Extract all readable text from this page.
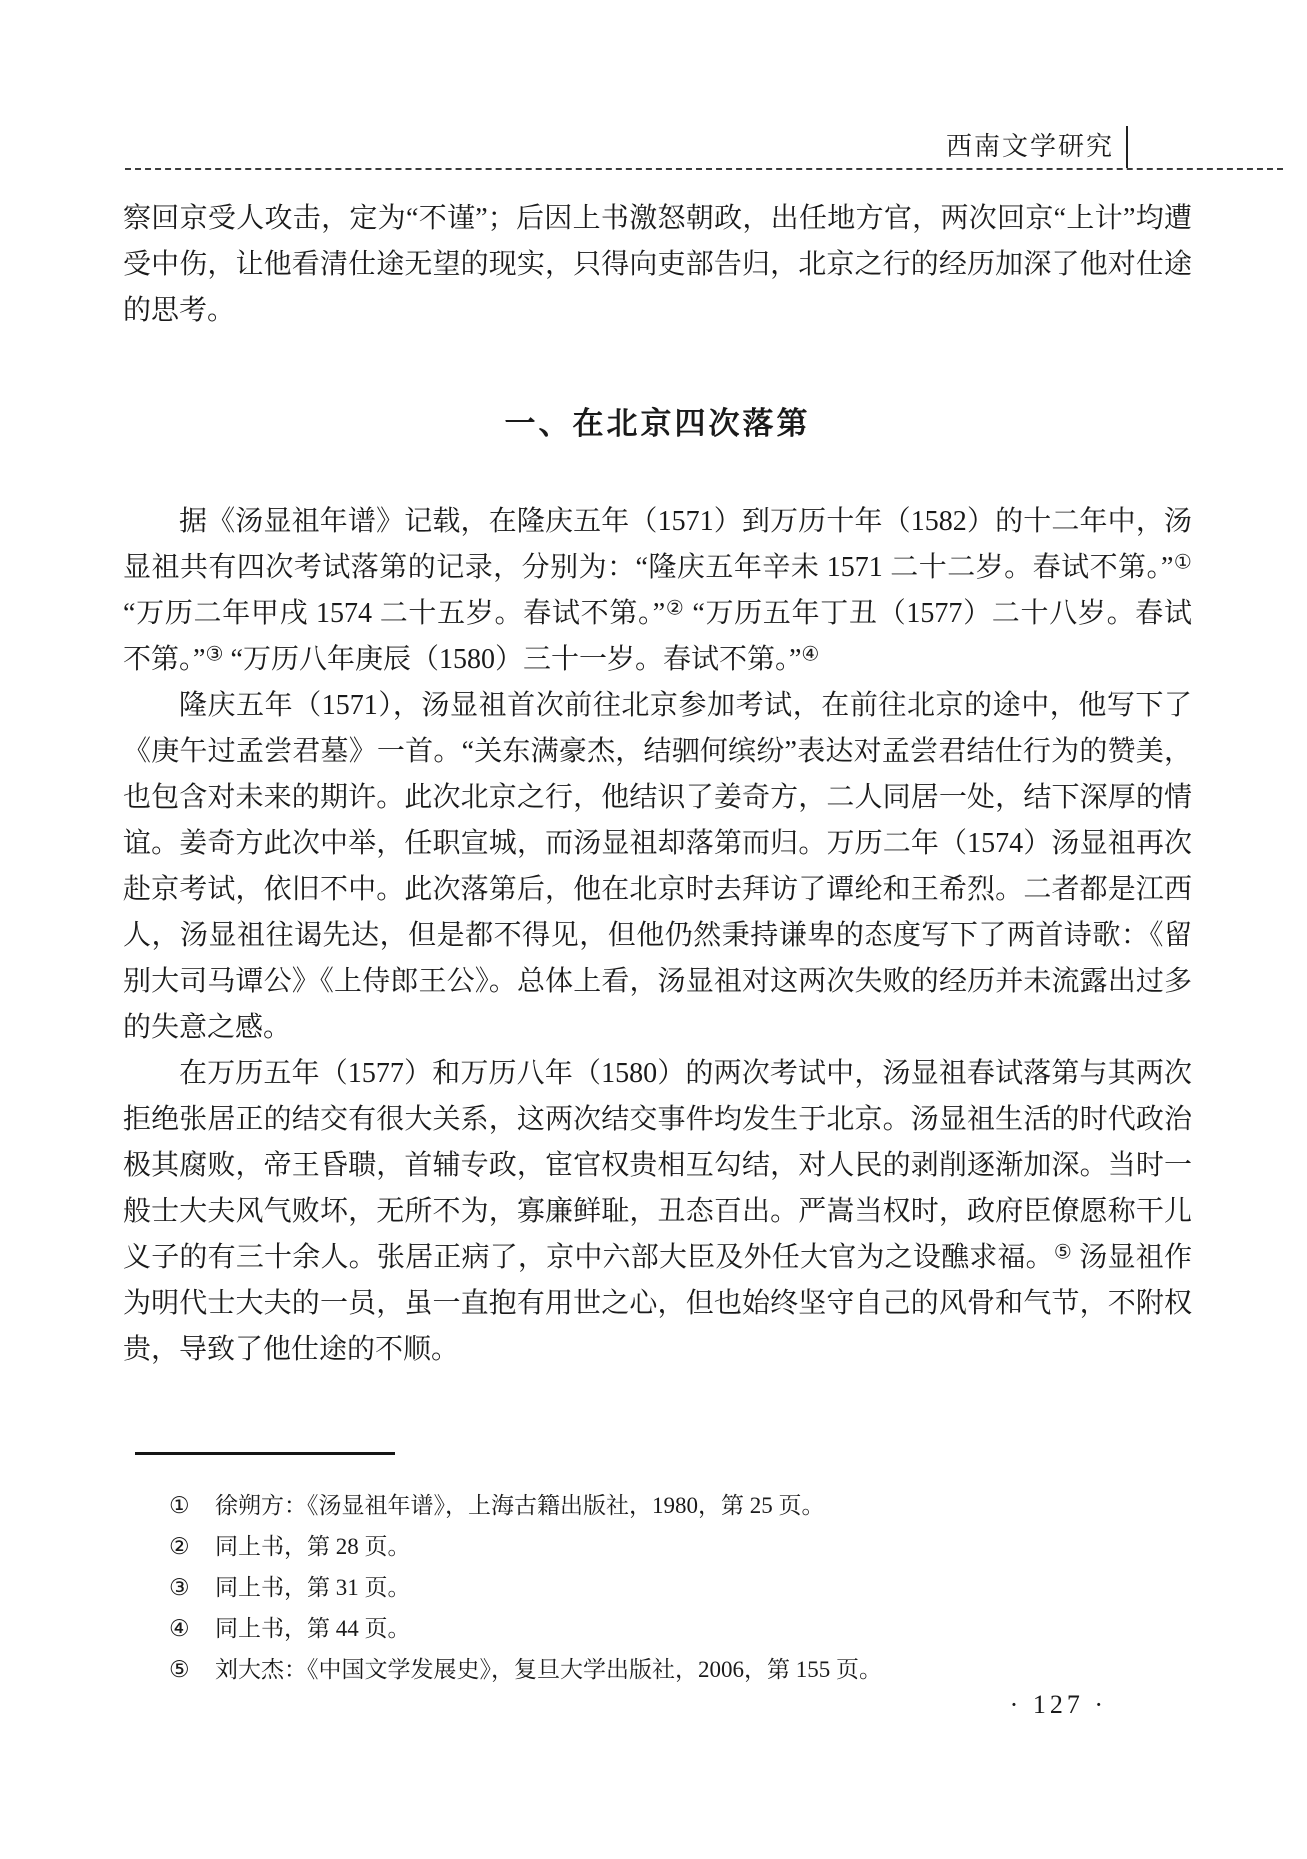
西南文学研究

察回京受人攻击，定为“不谨”；后因上书激怒朝政，出任地方官，两次回京“上计”均遭受中伤，让他看清仕途无望的现实，只得向吏部告归，北京之行的经历加深了他对仕途的思考。

一、在北京四次落第

据《汤显祖年谱》记载，在隆庆五年（1571）到万历十年（1582）的十二年中，汤显祖共有四次考试落第的记录，分别为：“隆庆五年辛未 1571 二十二岁。春试不第。”① “万历二年甲戌 1574 二十五岁。春试不第。”② “万历五年丁丑（1577）二十八岁。春试不第。”③ “万历八年庚辰（1580）三十一岁。春试不第。”④

隆庆五年（1571），汤显祖首次前往北京参加考试，在前往北京的途中，他写下了《庚午过孟尝君墓》一首。“关东满豪杰，结驷何缤纷”表达对孟尝君结仕行为的赞美，也包含对未来的期许。此次北京之行，他结识了姜奇方，二人同居一处，结下深厚的情谊。姜奇方此次中举，任职宣城，而汤显祖却落第而归。万历二年（1574）汤显祖再次赴京考试，依旧不中。此次落第后，他在北京时去拜访了谭纶和王希烈。二者都是江西人，汤显祖往谒先达，但是都不得见，但他仍然秉持谦卑的态度写下了两首诗歌：《留别大司马谭公》《上侍郎王公》。总体上看，汤显祖对这两次失败的经历并未流露出过多的失意之感。

在万历五年（1577）和万历八年（1580）的两次考试中，汤显祖春试落第与其两次拒绝张居正的结交有很大关系，这两次结交事件均发生于北京。汤显祖生活的时代政治极其腐败，帝王昏聩，首辅专政，宦官权贵相互勾结，对人民的剥削逐渐加深。当时一般士大夫风气败坏，无所不为，寡廉鲜耻，丑态百出。严嵩当权时，政府臣僚愿称干儿义子的有三十余人。张居正病了，京中六部大臣及外任大官为之设醮求福。⑤ 汤显祖作为明代士大夫的一员，虽一直抱有用世之心，但也始终坚守自己的风骨和气节，不附权贵，导致了他仕途的不顺。

①	徐朔方：《汤显祖年谱》，上海古籍出版社，1980，第 25 页。
②	同上书，第 28 页。
③	同上书，第 31 页。
④	同上书，第 44 页。
⑤	刘大杰：《中国文学发展史》，复旦大学出版社，2006，第 155 页。
· 127 ·
